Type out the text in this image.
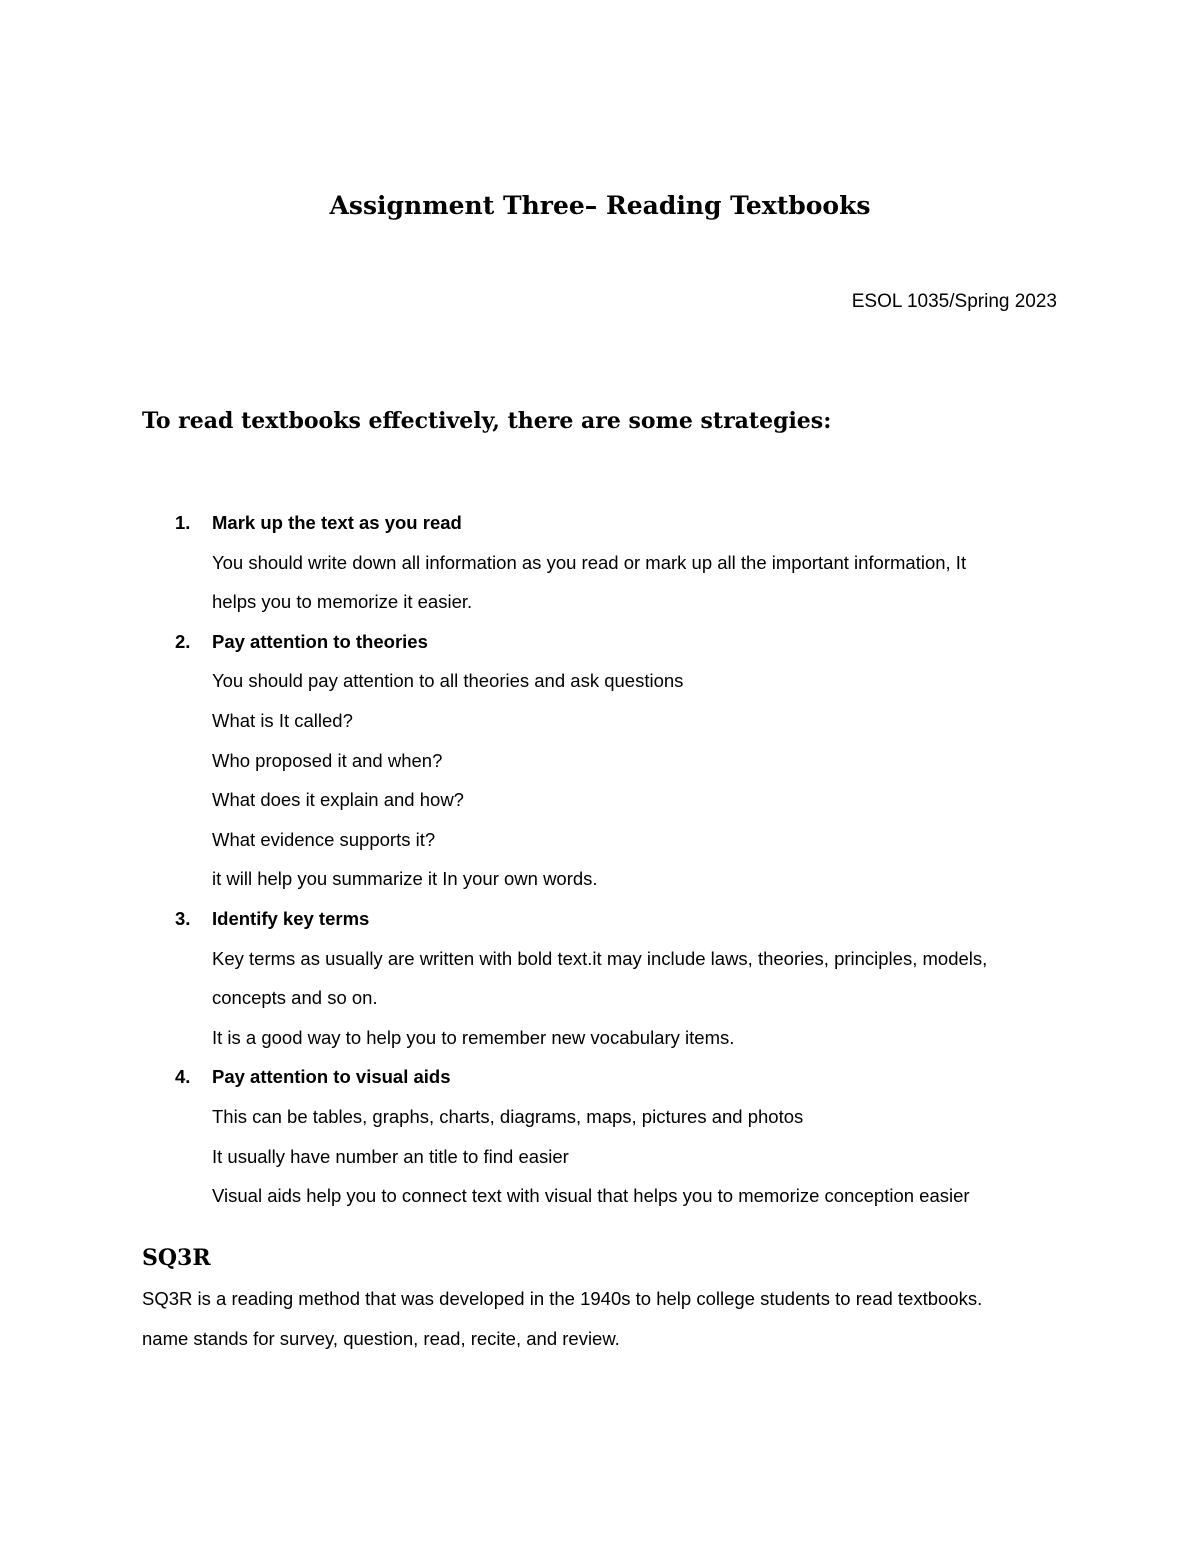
Assignment Three– Reading Textbooks

ESOL 1035/Spring 2023

To read textbooks effectively, there are some strategies:
1. Mark up the text as you read
You should write down all information as you read or mark up all the important information, It
helps you to memorize it easier.
2. Pay attention to theories
You should pay attention to all theories and ask questions
What is It called?
Who proposed it and when?
What does it explain and how?
What evidence supports it?
it will help you summarize it In your own words.
3. Identify key terms
Key terms as usually are written with bold text.it may include laws, theories, principles, models,
concepts and so on.
It is a good way to help you to remember new vocabulary items.
4. Pay attention to visual aids
This can be tables, graphs, charts, diagrams, maps, pictures and photos
It usually have number an title to find easier
Visual aids help you to connect text with visual that helps you to memorize conception easier
SQ3R
SQ3R is a reading method that was developed in the 1940s to help college students to read textbooks.
name stands for survey, question, read, recite, and review.
